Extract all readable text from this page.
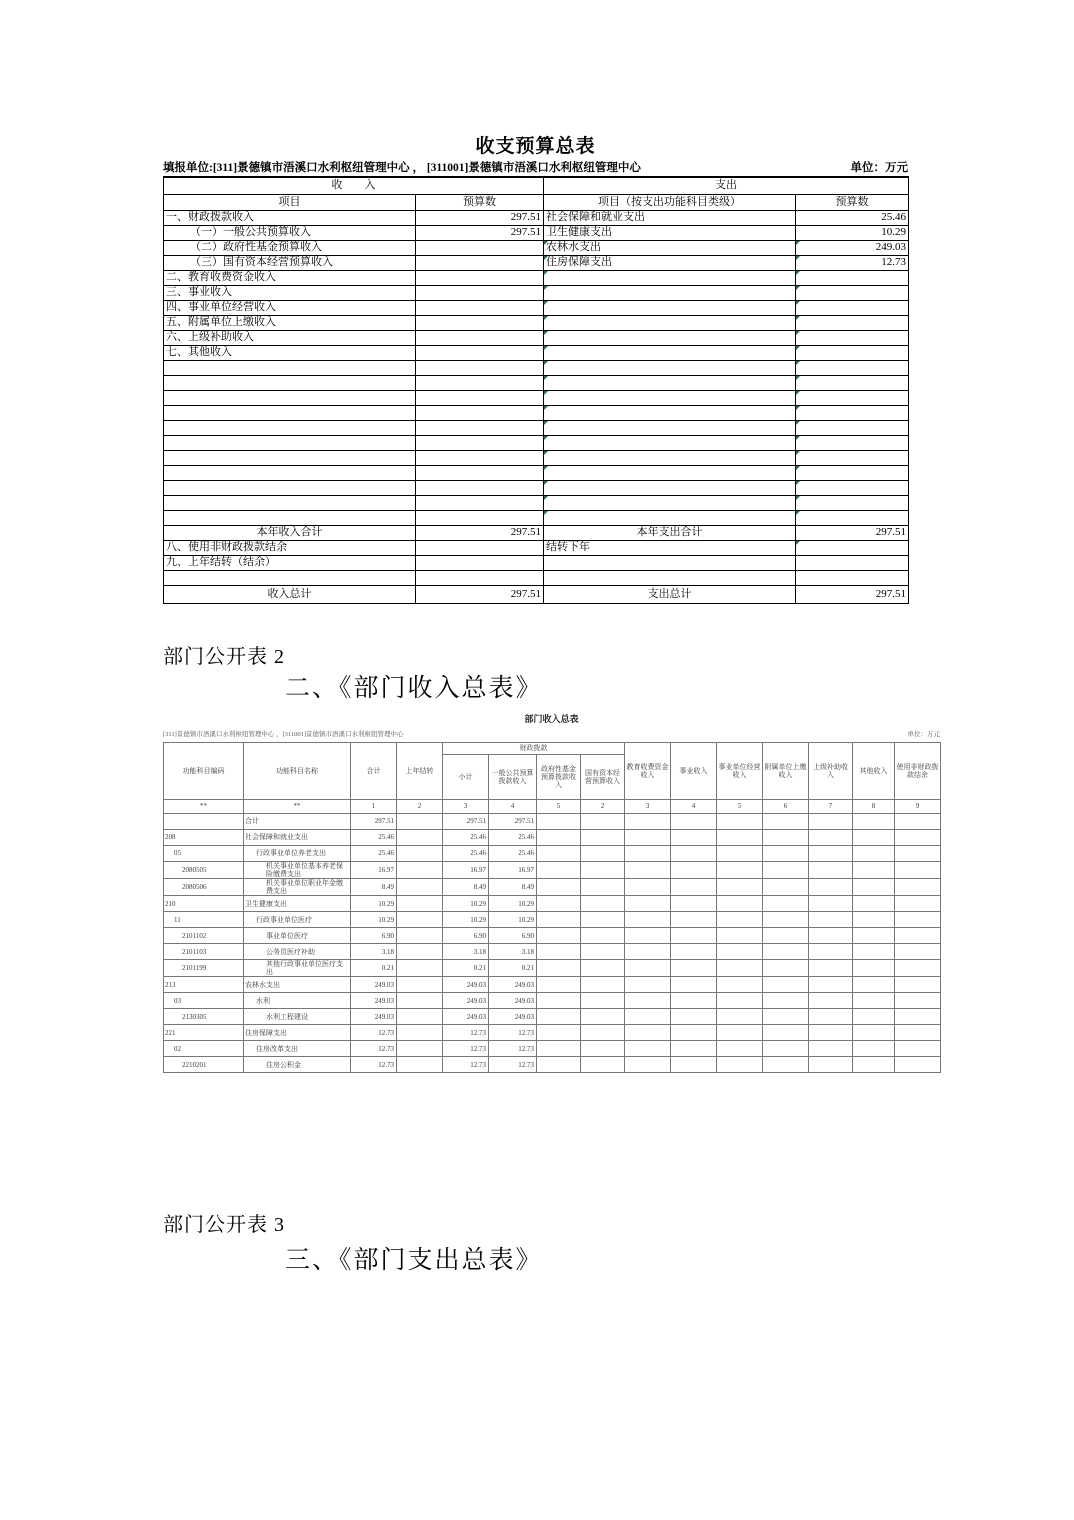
收支预算总表
填报单位:[311]景德镇市浯溪口水利枢纽管理中心 ， [311001]景德镇市浯溪口水利枢纽管理中心	单位：万元
收　　入		支出	
项目	预算数	项目（按支出功能科目类级）	预算数
一、财政拨款收入	297.51	社会保障和就业支出	25.46
（一）一般公共预算收入	297.51	卫生健康支出	10.29
（二）政府性基金预算收入		农林水支出	249.03
（三）国有资本经营预算收入		住房保障支出	12.73
二、教育收费资金收入			
三、事业收入			
四、事业单位经营收入			
五、附属单位上缴收入			
六、上级补助收入			
七、其他收入			

本年收入合计	297.51	本年支出合计	297.51
八、使用非财政拨款结余		结转下年	
九、上年结转（结余）			

收入总计	297.51	支出总计	297.51
部门公开表 2
二、《部门收入总表》
部门收入总表
[311]景德镇市浯溪口水利枢纽管理中心 ，[311001]景德镇市浯溪口水利枢纽管理中心	单位：万元
功能科目编码	功能科目名称	合计	上年结转	财政拨款				教育收费资金收入	事业收入	事业单位经营收入	附属单位上缴收入	上级补助收入	其他收入	使用非财政拨款结余
				小计	一般公共预算拨款收入	政府性基金预算拨款收入	国有资本经营预算收入							
**	**	1	2	3	4	5	2	3	4	5	6	7	8	9
	合计	297.51		297.51	297.51									
208	社会保障和就业支出	25.46		25.46	25.46									
05	行政事业单位养老支出	25.46		25.46	25.46									
2080505	机关事业单位基本养老保险缴费支出	16.97		16.97	16.97									
2080506	机关事业单位职业年金缴费支出	8.49		8.49	8.49									
210	卫生健康支出	10.29		10.29	10.29									
11	行政事业单位医疗	10.29		10.29	10.29									
2101102	事业单位医疗	6.90		6.90	6.90									
2101103	公务员医疗补助	3.18		3.18	3.18									
2101199	其他行政事业单位医疗支出	0.21		0.21	0.21									
213	农林水支出	249.03		249.03	249.03									
03	水利	249.03		249.03	249.03									
2130305	水利工程建设	249.03		249.03	249.03									
221	住房保障支出	12.73		12.73	12.73									
02	住房改革支出	12.73		12.73	12.73									
2210201	住房公积金	12.73		12.73	12.73									
部门公开表 3
三、《部门支出总表》
